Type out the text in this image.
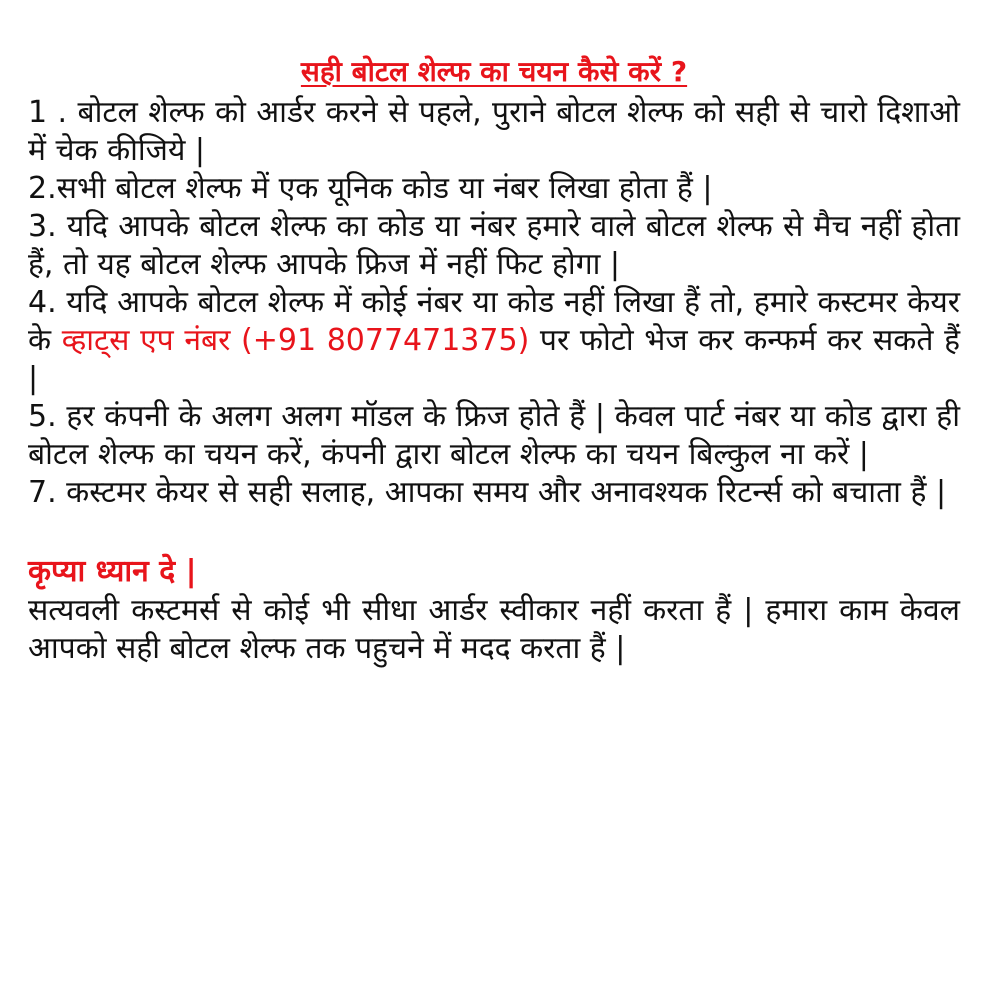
सही बोटल शेल्फ का चयन कैसे करें ?

1 . बोटल शेल्फ को आर्डर करने से पहले, पुराने बोटल शेल्फ को सही से चारो दिशाओ में चेक कीजिये |

2.सभी बोटल शेल्फ में एक यूनिक कोड या नंबर लिखा होता हैं |

3. यदि आपके बोटल शेल्फ का कोड या नंबर हमारे वाले बोटल शेल्फ से मैच नहीं होता हैं, तो यह बोटल शेल्फ आपके फ्रिज में नहीं फिट होगा |

4. यदि आपके बोटल शेल्फ में कोई नंबर या कोड नहीं लिखा हैं तो, हमारे कस्टमर केयर के व्हाट्स एप नंबर (+91 8077471375) पर फोटो भेज कर कन्फर्म कर सकते हैं |

5. हर कंपनी के अलग अलग मॉडल के फ्रिज होते हैं | केवल पार्ट नंबर या कोड द्वारा ही बोटल शेल्फ का चयन करें, कंपनी द्वारा बोटल शेल्फ का चयन बिल्कुल ना करें |

7. कस्टमर केयर से सही सलाह, आपका समय और अनावश्यक रिटर्न्स को बचाता हैं |

कृप्या ध्यान दे |

सत्यवली कस्टमर्स से कोई भी सीधा आर्डर स्वीकार नहीं करता हैं | हमारा काम केवल आपको सही बोटल शेल्फ तक पहुचने में मदद करता हैं |
